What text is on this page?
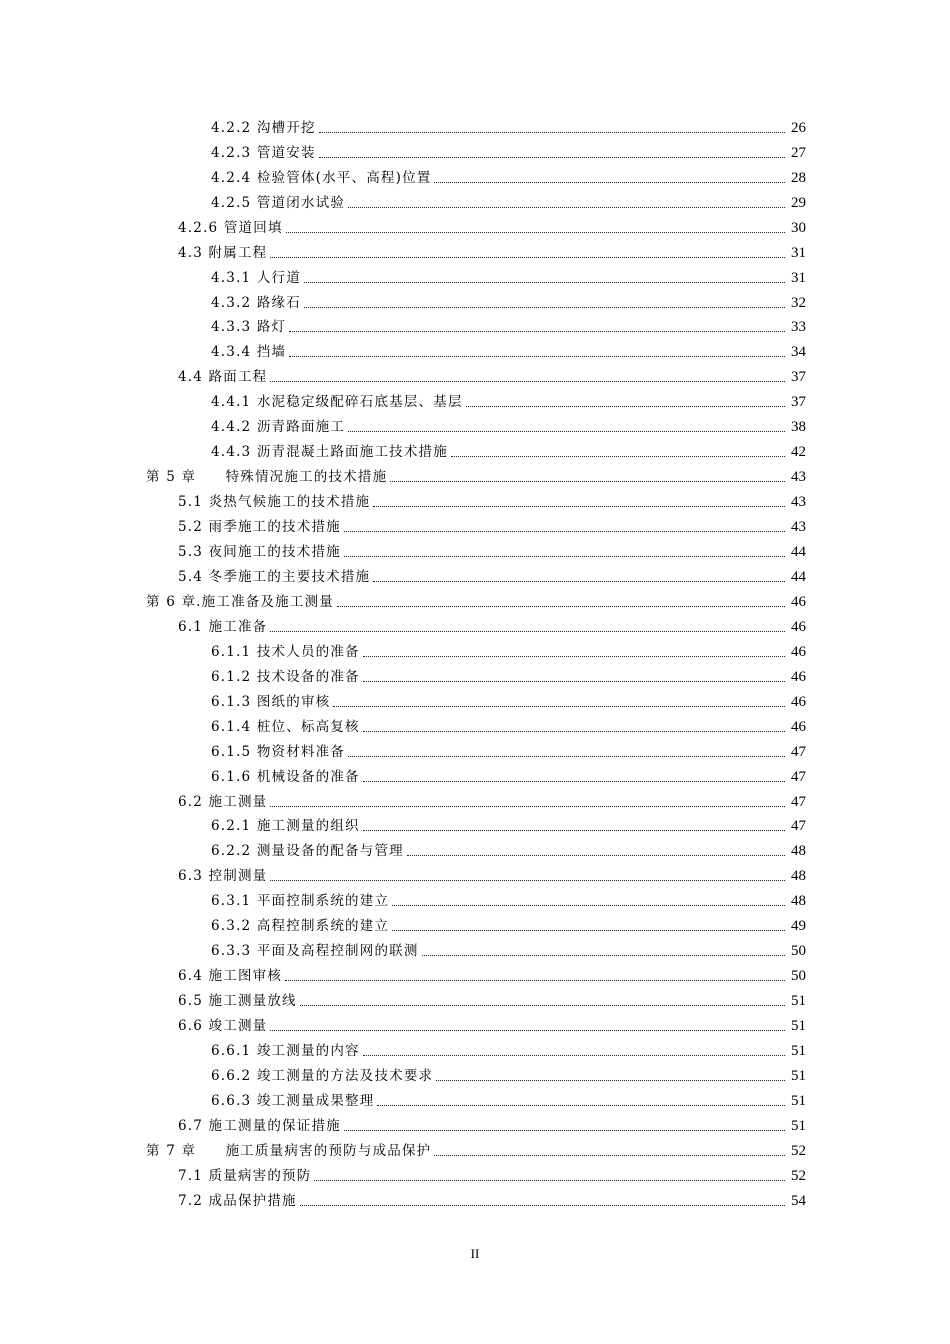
4.2.2 沟槽开挖	26
4.2.3 管道安装	27
4.2.4 检验管体(水平、高程)位置	28
4.2.5 管道闭水试验	29
4.2.6 管道回填	30
4.3 附属工程	31
4.3.1 人行道	31
4.3.2 路缘石	32
4.3.3 路灯	33
4.3.4 挡墙	34
4.4 路面工程	37
4.4.1 水泥稳定级配碎石底基层、基层	37
4.4.2 沥青路面施工	38
4.4.3 沥青混凝土路面施工技术措施	42
第 5 章　　特殊情况施工的技术措施	43
5.1 炎热气候施工的技术措施	43
5.2 雨季施工的技术措施	43
5.3 夜间施工的技术措施	44
5.4 冬季施工的主要技术措施	44
第 6 章.施工准备及施工测量	46
6.1 施工准备	46
6.1.1 技术人员的准备	46
6.1.2 技术设备的准备	46
6.1.3 图纸的审核	46
6.1.4 桩位、标高复核	46
6.1.5 物资材料准备	47
6.1.6 机械设备的准备	47
6.2 施工测量	47
6.2.1 施工测量的组织	47
6.2.2 测量设备的配备与管理	48
6.3 控制测量	48
6.3.1 平面控制系统的建立	48
6.3.2 高程控制系统的建立	49
6.3.3 平面及高程控制网的联测	50
6.4 施工图审核	50
6.5 施工测量放线	51
6.6 竣工测量	51
6.6.1 竣工测量的内容	51
6.6.2 竣工测量的方法及技术要求	51
6.6.3 竣工测量成果整理	51
6.7 施工测量的保证措施	51
第 7 章　　施工质量病害的预防与成品保护	52
7.1 质量病害的预防	52
7.2 成品保护措施	54
II
